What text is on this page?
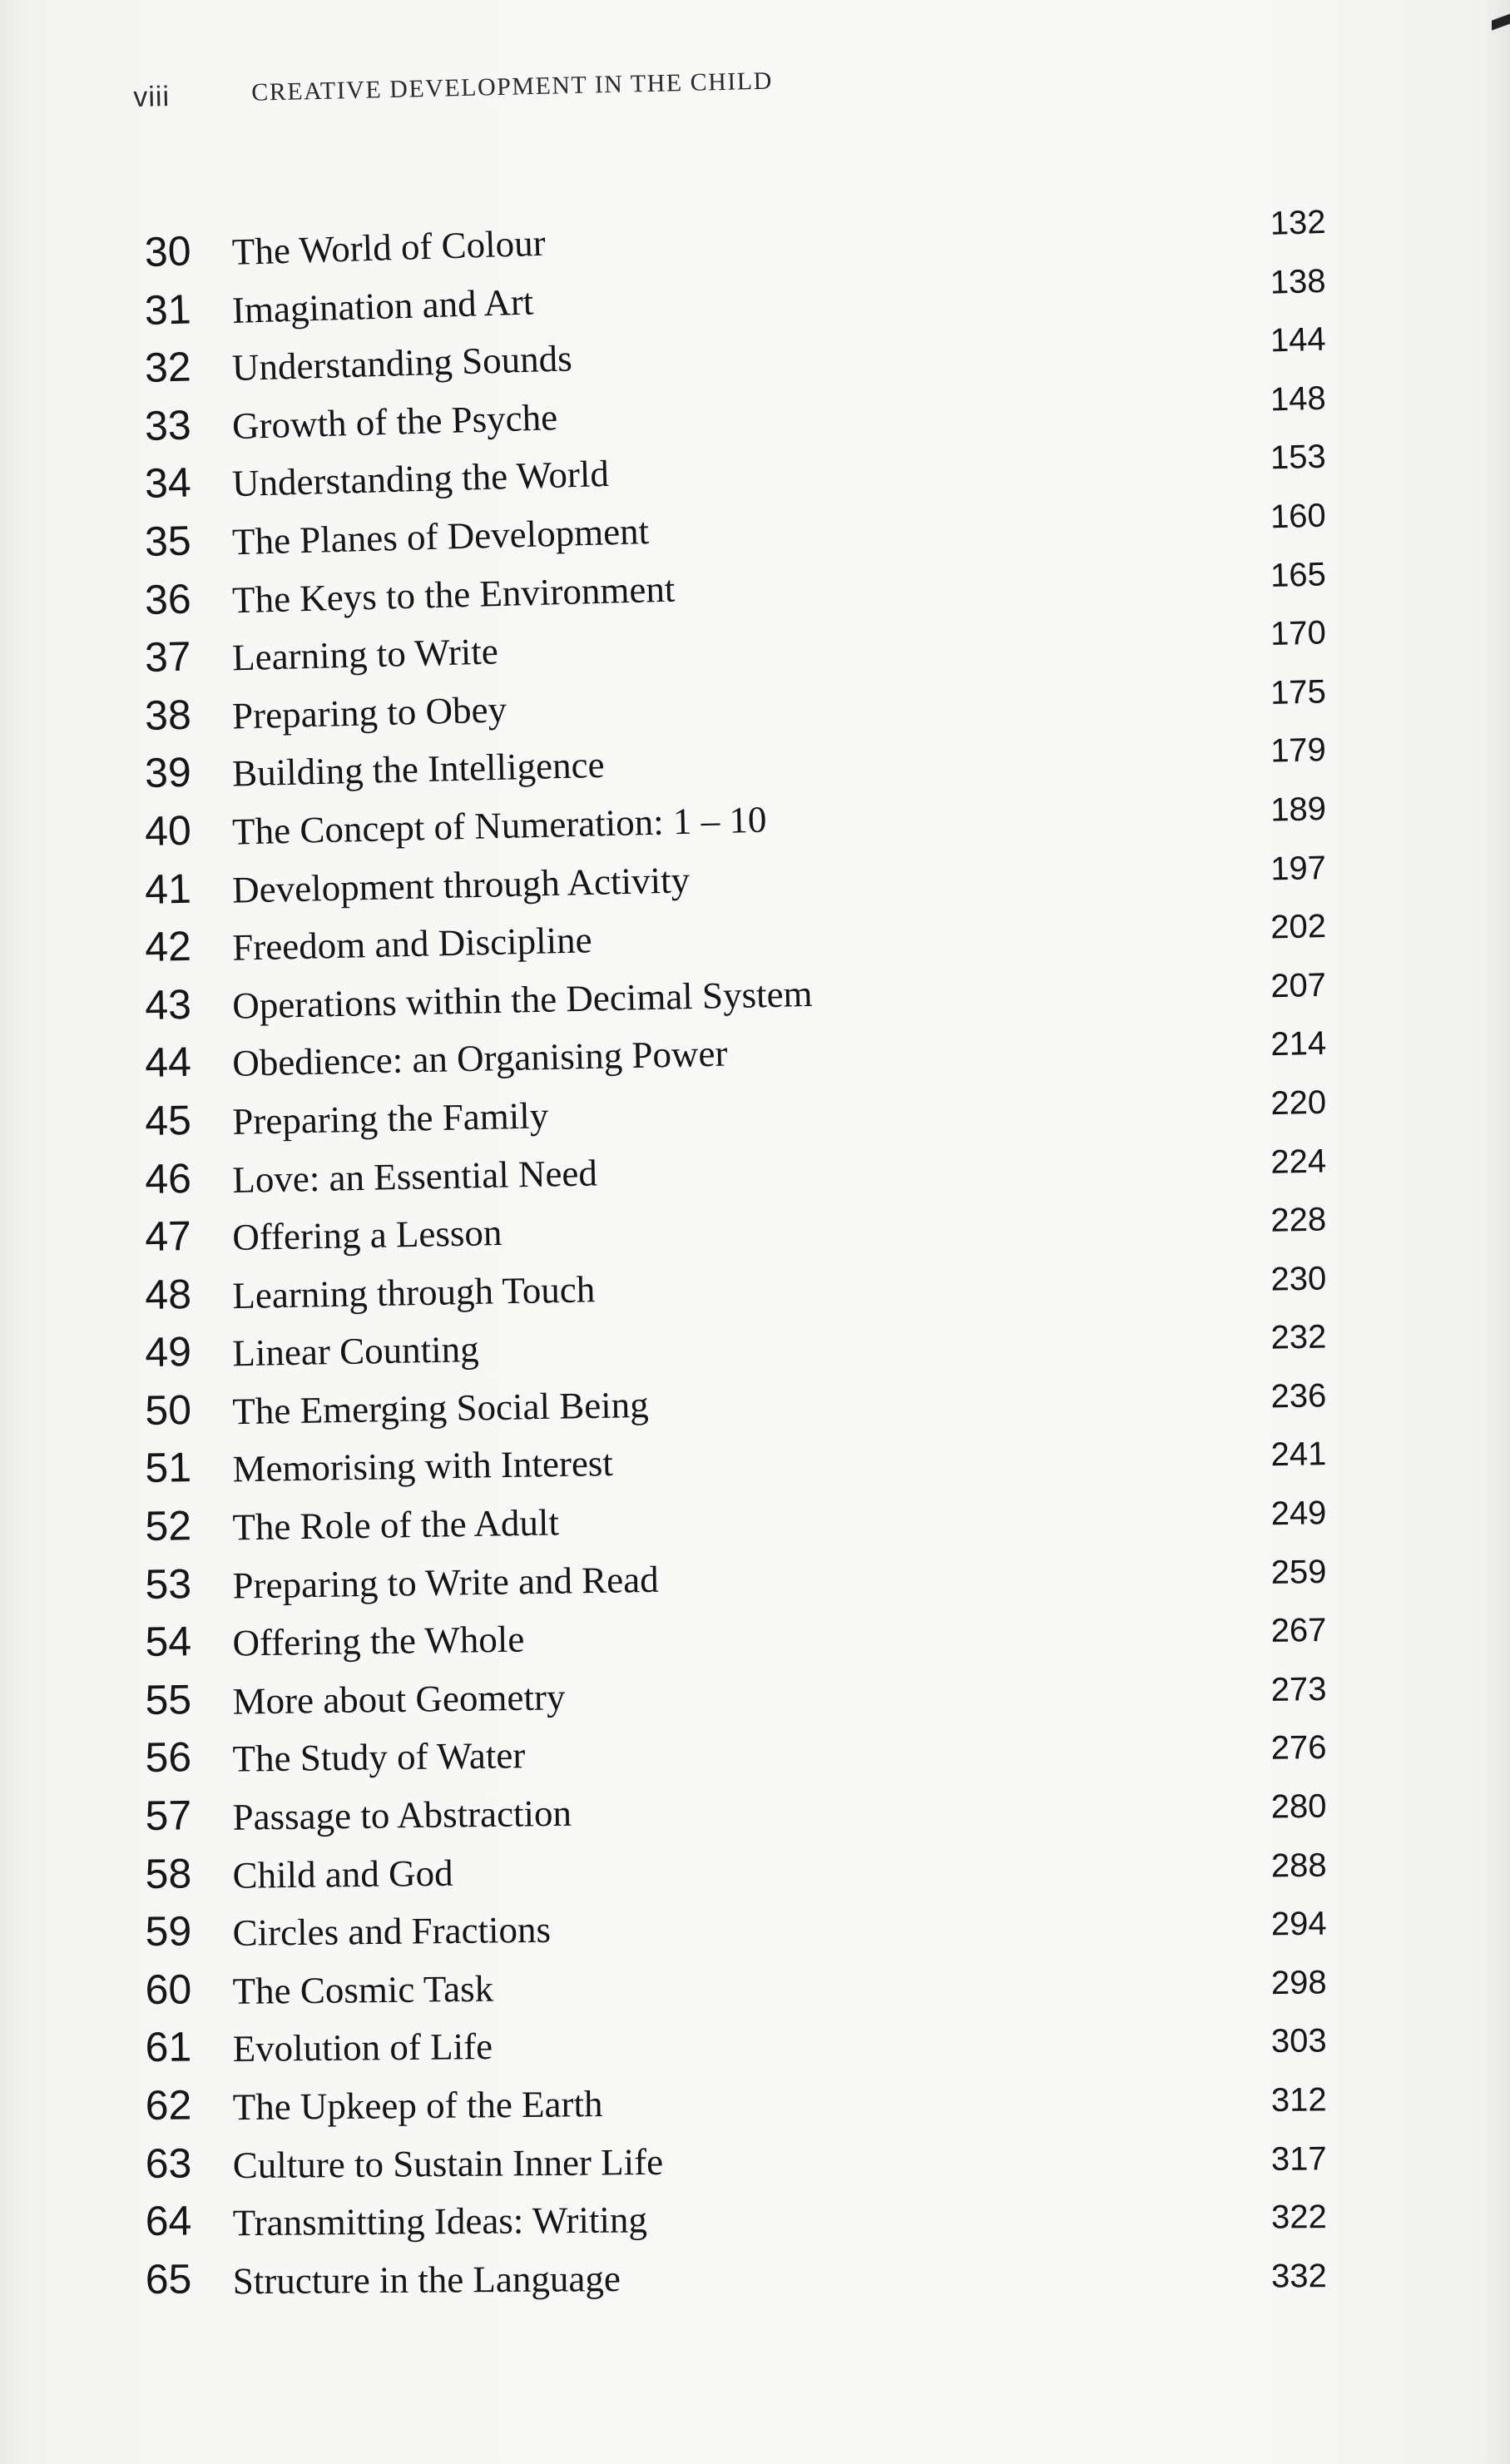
viii	CREATIVE DEVELOPMENT IN THE CHILD
30 The World of Colour	132
31 Imagination and Art	138
32 Understanding Sounds	144
33 Growth of the Psyche	148
34 Understanding the World	153
35 The Planes of Development	160
36 The Keys to the Environment	165
37 Learning to Write	170
38 Preparing to Obey	175
39 Building the Intelligence	179
40 The Concept of Numeration: 1 – 10	189
41 Development through Activity	197
42 Freedom and Discipline	202
43 Operations within the Decimal System	207
44 Obedience: an Organising Power	214
45 Preparing the Family	220
46 Love: an Essential Need	224
47 Offering a Lesson	228
48 Learning through Touch	230
49 Linear Counting	232
50 The Emerging Social Being	236
51 Memorising with Interest	241
52 The Role of the Adult	249
53 Preparing to Write and Read	259
54 Offering the Whole	267
55 More about Geometry	273
56 The Study of Water	276
57 Passage to Abstraction	280
58 Child and God	288
59 Circles and Fractions	294
60 The Cosmic Task	298
61 Evolution of Life	303
62 The Upkeep of the Earth	312
63 Culture to Sustain Inner Life	317
64 Transmitting Ideas: Writing	322
65 Structure in the Language	332
